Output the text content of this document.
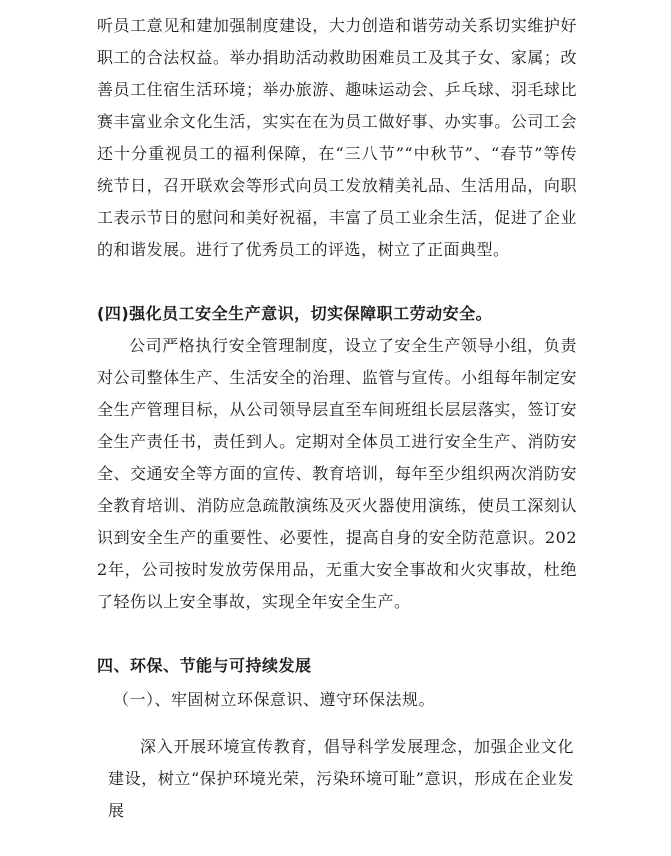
听员工意见和建加强制度建设，大力创造和谐劳动关系切实维护好职工的合法权益。举办捐助活动救助困难员工及其子女、家属；改善员工住宿生活环境；举办旅游、趣味运动会、乒乓球、羽毛球比赛丰富业余文化生活，实实在在为员工做好事、办实事。公司工会还十分重视员工的福利保障，在“三八节”“中秋节”、“春节”等传统节日，召开联欢会等形式向员工发放精美礼品、生活用品，向职工表示节日的慰问和美好祝福，丰富了员工业余生活，促进了企业的和谐发展。进行了优秀员工的评选，树立了正面典型。

(四)强化员工安全生产意识，切实保障职工劳动安全。

公司严格执行安全管理制度，设立了安全生产领导小组，负责对公司整体生产、生活安全的治理、监管与宣传。小组每年制定安全生产管理目标，从公司领导层直至车间班组长层层落实，签订安全生产责任书，责任到人。定期对全体员工进行安全生产、消防安全、交通安全等方面的宣传、教育培训，每年至少组织两次消防安全教育培训、消防应急疏散演练及灭火器使用演练，使员工深刻认识到安全生产的重要性、必要性，提高自身的安全防范意识。2022年，公司按时发放劳保用品，无重大安全事故和火灾事故，杜绝了轻伤以上安全事故，实现全年安全生产。

四、环保、节能与可持续发展

（一）、牢固树立环保意识、遵守环保法规。

深入开展环境宣传教育，倡导科学发展理念，加强企业文化建设，树立“保护环境光荣，污染环境可耻”意识，形成在企业发展
